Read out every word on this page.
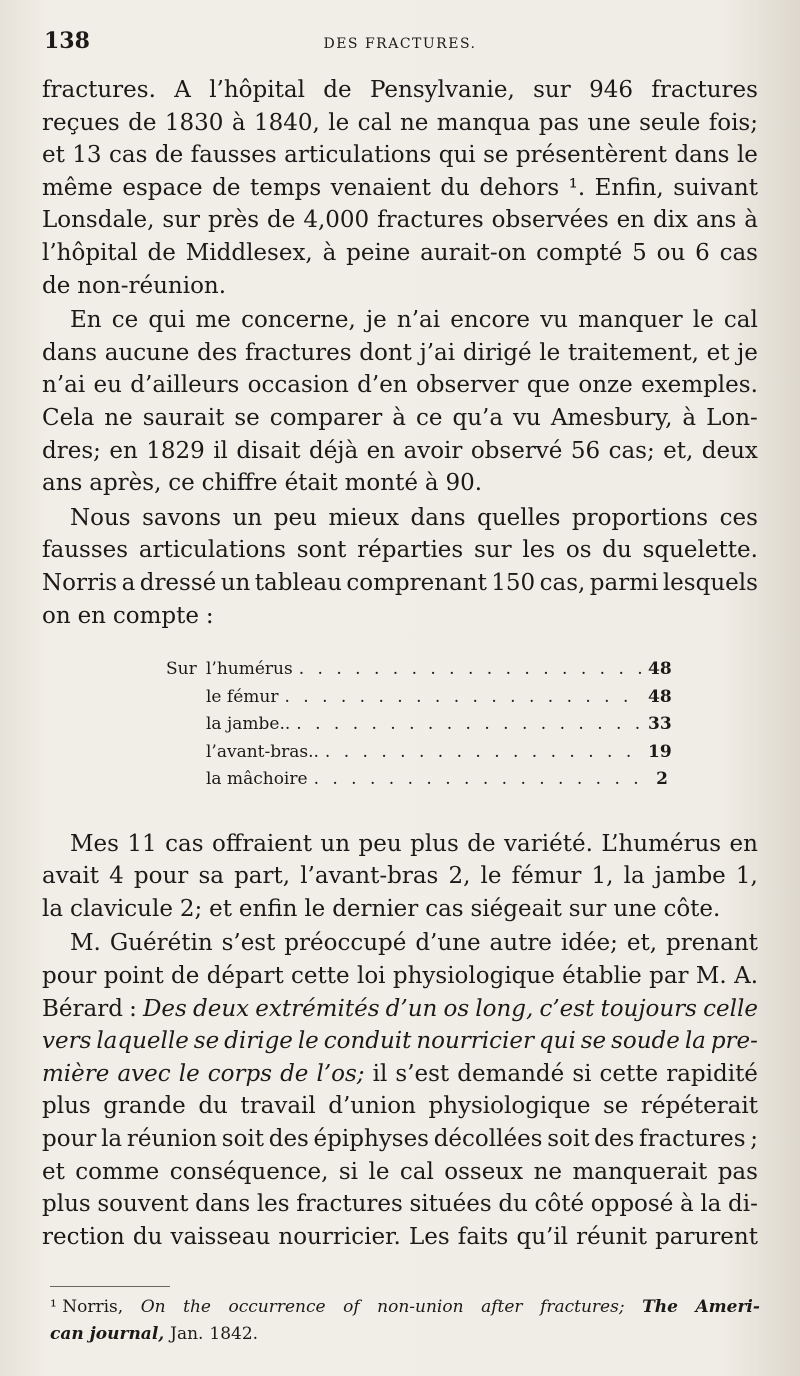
138	DES FRACTURES.
fractures. A l’hôpital de Pensylvanie, sur 946 fractures
reçues de 1830 à 1840, le cal ne manqua pas une seule fois;
et 13 cas de fausses articulations qui se présentèrent dans le
même espace de temps venaient du dehors ¹. Enfin, suivant
Lonsdale, sur près de 4,000 fractures observées en dix ans à
l’hôpital de Middlesex, à peine aurait-on compté 5 ou 6 cas
de non-réunion.
En ce qui me concerne, je n’ai encore vu manquer le cal
dans aucune des fractures dont j’ai dirigé le traitement, et je
n’ai eu d’ailleurs occasion d’en observer que onze exemples.
Cela ne saurait se comparer à ce qu’a vu Amesbury, à Lon-
dres; en 1829 il disait déjà en avoir observé 56 cas; et, deux
ans après, ce chiffre était monté à 90.
Nous savons un peu mieux dans quelles proportions ces
fausses articulations sont réparties sur les os du squelette.
Norris a dressé un tableau comprenant 150 cas, parmi lesquels
on en compte :
Sur l’humérus . . .	48
le fémur . . .	48
la jambe.. . . .	33
l’avant-bras.. . . .	19
la mâchoire . . .	2
Mes 11 cas offraient un peu plus de variété. L’humérus en
avait 4 pour sa part, l’avant-bras 2, le fémur 1, la jambe 1,
la clavicule 2; et enfin le dernier cas siégeait sur une côte.
M. Guérétin s’est préoccupé d’une autre idée; et, prenant
pour point de départ cette loi physiologique établie par M. A.
Bérard : Des deux extrémités d’un os long, c’est toujours celle
vers laquelle se dirige le conduit nourricier qui se soude la pre-
mière avec le corps de l’os; il s’est demandé si cette rapidité
plus grande du travail d’union physiologique se répéterait
pour la réunion soit des épiphyses décollées soit des fractures ;
et comme conséquence, si le cal osseux ne manquerait pas
plus souvent dans les fractures situées du côté opposé à la di-
rection du vaisseau nourricier. Les faits qu’il réunit parurent
¹ Norris, On the occurrence of non-union after fractures; The Ameri-
can journal, Jan. 1842.
